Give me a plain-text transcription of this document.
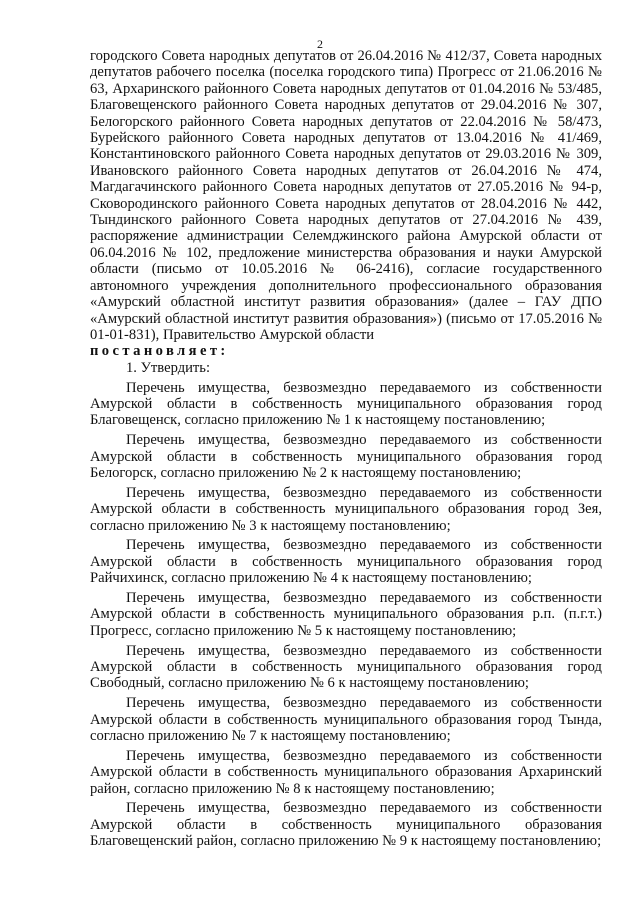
2

городского Совета народных депутатов от 26.04.2016 № 412/37, Совета народных депутатов рабочего поселка (поселка городского типа) Прогресс от 21.06.2016 № 63, Архаринского районного Совета народных депутатов от 01.04.2016 № 53/485, Благовещенского районного Совета народных депутатов от 29.04.2016 № 307, Белогорского районного Совета народных депутатов от 22.04.2016 № 58/473, Бурейского районного Совета народных депутатов от 13.04.2016 № 41/469, Константиновского районного Совета народных депутатов от 29.03.2016 № 309, Ивановского районного Совета народных депутатов от 26.04.2016 № 474, Магдагачинского районного Совета народных депутатов от 27.05.2016 № 94-р, Сковородинского районного Совета народных депутатов от 28.04.2016 № 442, Тындинского районного Совета народных депутатов от 27.04.2016 № 439, распоряжение администрации Селемджинского района Амурской области от 06.04.2016 № 102, предложение министерства образования и науки Амурской области (письмо от 10.05.2016 № 06-2416), согласие государственного автономного учреждения дополнительного профессионального образования «Амурский областной институт развития образования» (далее – ГАУ ДПО «Амурский областной институт развития образования») (письмо от 17.05.2016 № 01-01-831), Правительство Амурской области

постановляет:

1. Утвердить:

Перечень имущества, безвозмездно передаваемого из собственности Амурской области в собственность муниципального образования город Благовещенск, согласно приложению № 1 к настоящему постановлению;

Перечень имущества, безвозмездно передаваемого из собственности Амурской области в собственность муниципального образования город Белогорск, согласно приложению № 2 к настоящему постановлению;

Перечень имущества, безвозмездно передаваемого из собственности Амурской области в собственность муниципального образования город Зея, согласно приложению № 3 к настоящему постановлению;

Перечень имущества, безвозмездно передаваемого из собственности Амурской области в собственность муниципального образования город Райчихинск, согласно приложению № 4 к настоящему постановлению;

Перечень имущества, безвозмездно передаваемого из собственности Амурской области в собственность муниципального образования р.п. (п.г.т.) Прогресс, согласно приложению № 5 к настоящему постановлению;

Перечень имущества, безвозмездно передаваемого из собственности Амурской области в собственность муниципального образования город Свободный, согласно приложению № 6 к настоящему постановлению;

Перечень имущества, безвозмездно передаваемого из собственности Амурской области в собственность муниципального образования город Тында, согласно приложению № 7 к настоящему постановлению;

Перечень имущества, безвозмездно передаваемого из собственности Амурской области в собственность муниципального образования Архаринский район, согласно приложению № 8 к настоящему постановлению;

Перечень имущества, безвозмездно передаваемого из собственности Амурской области в собственность муниципального образования Благовещенский район, согласно приложению № 9 к настоящему постановлению;
